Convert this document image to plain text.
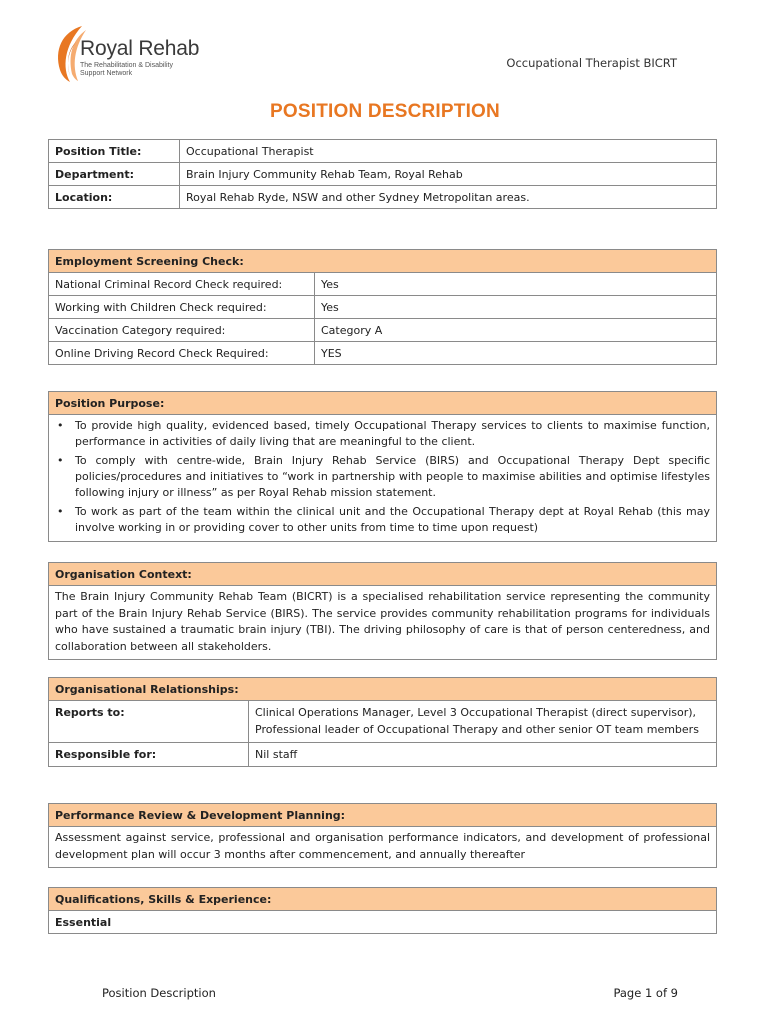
Royal Rehab
The Rehabilitation & Disability
Support Network
Occupational Therapist BICRT
POSITION DESCRIPTION
Position Title:	Occupational Therapist
Department:	Brain Injury Community Rehab Team, Royal Rehab
Location:	Royal Rehab Ryde, NSW and other Sydney Metropolitan areas.
Employment Screening Check:	
National Criminal Record Check required:	Yes
Working with Children Check required:	Yes
Vaccination Category required:	Category A
Online Driving Record Check Required:	YES
Position Purpose:

• To provide high quality, evidenced based, timely Occupational Therapy services to clients to maximise function, performance in activities of daily living that are meaningful to the client.
• To comply with centre-wide, Brain Injury Rehab Service (BIRS) and Occupational Therapy Dept specific policies/procedures and initiatives to “work in partnership with people to maximise abilities and optimise lifestyles following injury or illness” as per Royal Rehab mission statement.
• To work as part of the team within the clinical unit and the Occupational Therapy dept at Royal Rehab (this may involve working in or providing cover to other units from time to time upon request)
Organisation Context:
The Brain Injury Community Rehab Team (BICRT) is a specialised rehabilitation service representing the community part of the Brain Injury Rehab Service (BIRS). The service provides community rehabilitation programs for individuals who have sustained a traumatic brain injury (TBI). The driving philosophy of care is that of person centeredness, and collaboration between all stakeholders.
Organisational Relationships:	
Reports to:	Clinical Operations Manager, Level 3 Occupational Therapist (direct supervisor), Professional leader of Occupational Therapy and other senior OT team members
Responsible for:	Nil staff
Performance Review & Development Planning:
Assessment against service, professional and organisation performance indicators, and development of professional development plan will occur 3 months after commencement, and annually thereafter
Qualifications, Skills & Experience:
Essential
Position Description	Page 1 of 9
